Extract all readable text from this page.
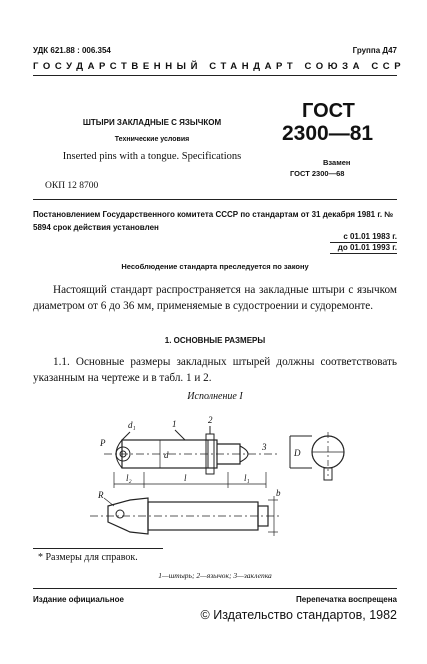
УДК 621.88 : 006.354	Группа Д47
ГОСУДАРСТВЕННЫЙ СТАНДАРТ СОЮЗА ССР
ШТЫРИ ЗАКЛАДНЫЕ С ЯЗЫЧКОМ
Технические условия
Inserted pins with a tongue. Specifications
ОКП 12 8700
ГОСТ
2300—81
Взамен
ГОСТ 2300—68
Постановлением Государственного комитета СССР по стандартам от 31 декабря 1981 г. № 5894 срок действия установлен
с 01.01 1983 г.
до 01.01 1993 г.
Несоблюдение стандарта преследуется по закону
Настоящий стандарт распространяется на закладные штыри с язычком диаметром от 6 до 36 мм, применяемые в судостроении и судоремонте.
1. ОСНОВНЫЕ РАЗМЕРЫ
1.1. Основные размеры закладных штырей должны соответствовать указанным на чертеже и в табл. 1 и 2.
Исполнение I
d₁	1	2
d
P	3
l₂	l	l₁
R	b
D
* Размеры для справок.
1—штырь; 2—язычок; 3—заклепка
Издание официальное	Перепечатка воспрещена
© Издательство стандартов, 1982
